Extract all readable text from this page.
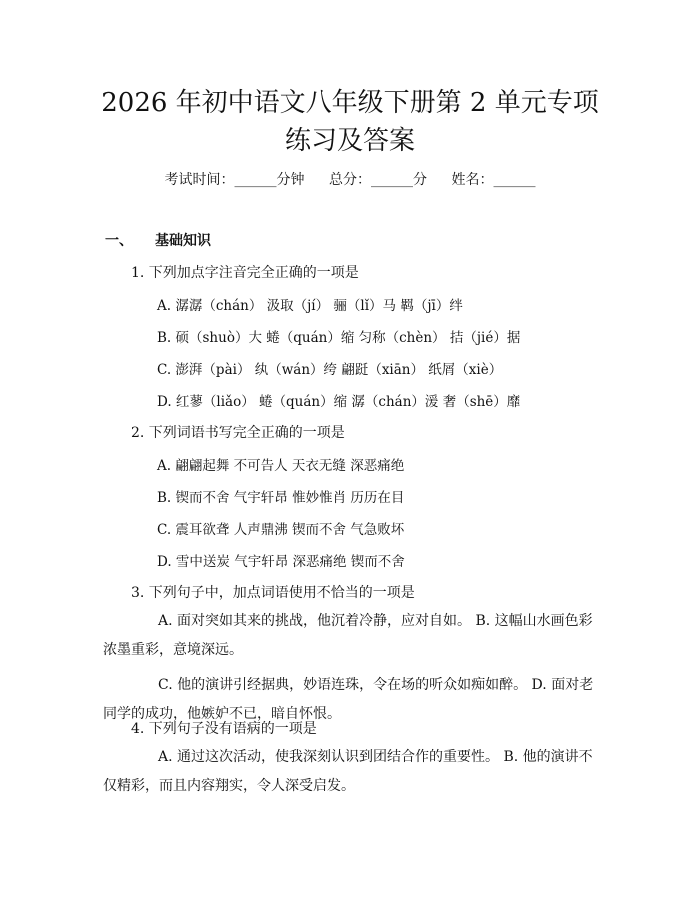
2026 年初中语文八年级下册第 2 单元专项练习及答案
考试时间：______分钟 总分：______分 姓名：______
一、 基础知识
1. 下列加点字注音完全正确的一项是
A. 潺潺（chán） 汲取（jí） 骊（lǐ）马 羁（jī）绊
B. 硕（shuò）大 蜷（quán）缩 匀称（chèn） 拮（jié）据
C. 澎湃（pài） 纨（wán）绔 翩跹（xiān） 纸屑（xiè）
D. 红蓼（liǎo） 蜷（quán）缩 潺（chán）湲 奢（shē）靡
2. 下列词语书写完全正确的一项是
A. 翩翩起舞 不可告人 天衣无缝 深恶痛绝
B. 锲而不舍 气宇轩昂 惟妙惟肖 历历在目
C. 震耳欲聋 人声鼎沸 锲而不舍 气急败坏
D. 雪中送炭 气宇轩昂 深恶痛绝 锲而不舍
3. 下列句子中，加点词语使用不恰当的一项是

A. 面对突如其来的挑战，他沉着冷静，应对自如。 B. 这幅山水画色彩浓墨重彩，意境深远。

C. 他的演讲引经据典，妙语连珠，令在场的听众如痴如醉。 D. 面对老同学的成功，他嫉妒不已，暗自怀恨。

4. 下列句子没有语病的一项是

A. 通过这次活动，使我深刻认识到团结合作的重要性。 B. 他的演讲不仅精彩，而且内容翔实，令人深受启发。
